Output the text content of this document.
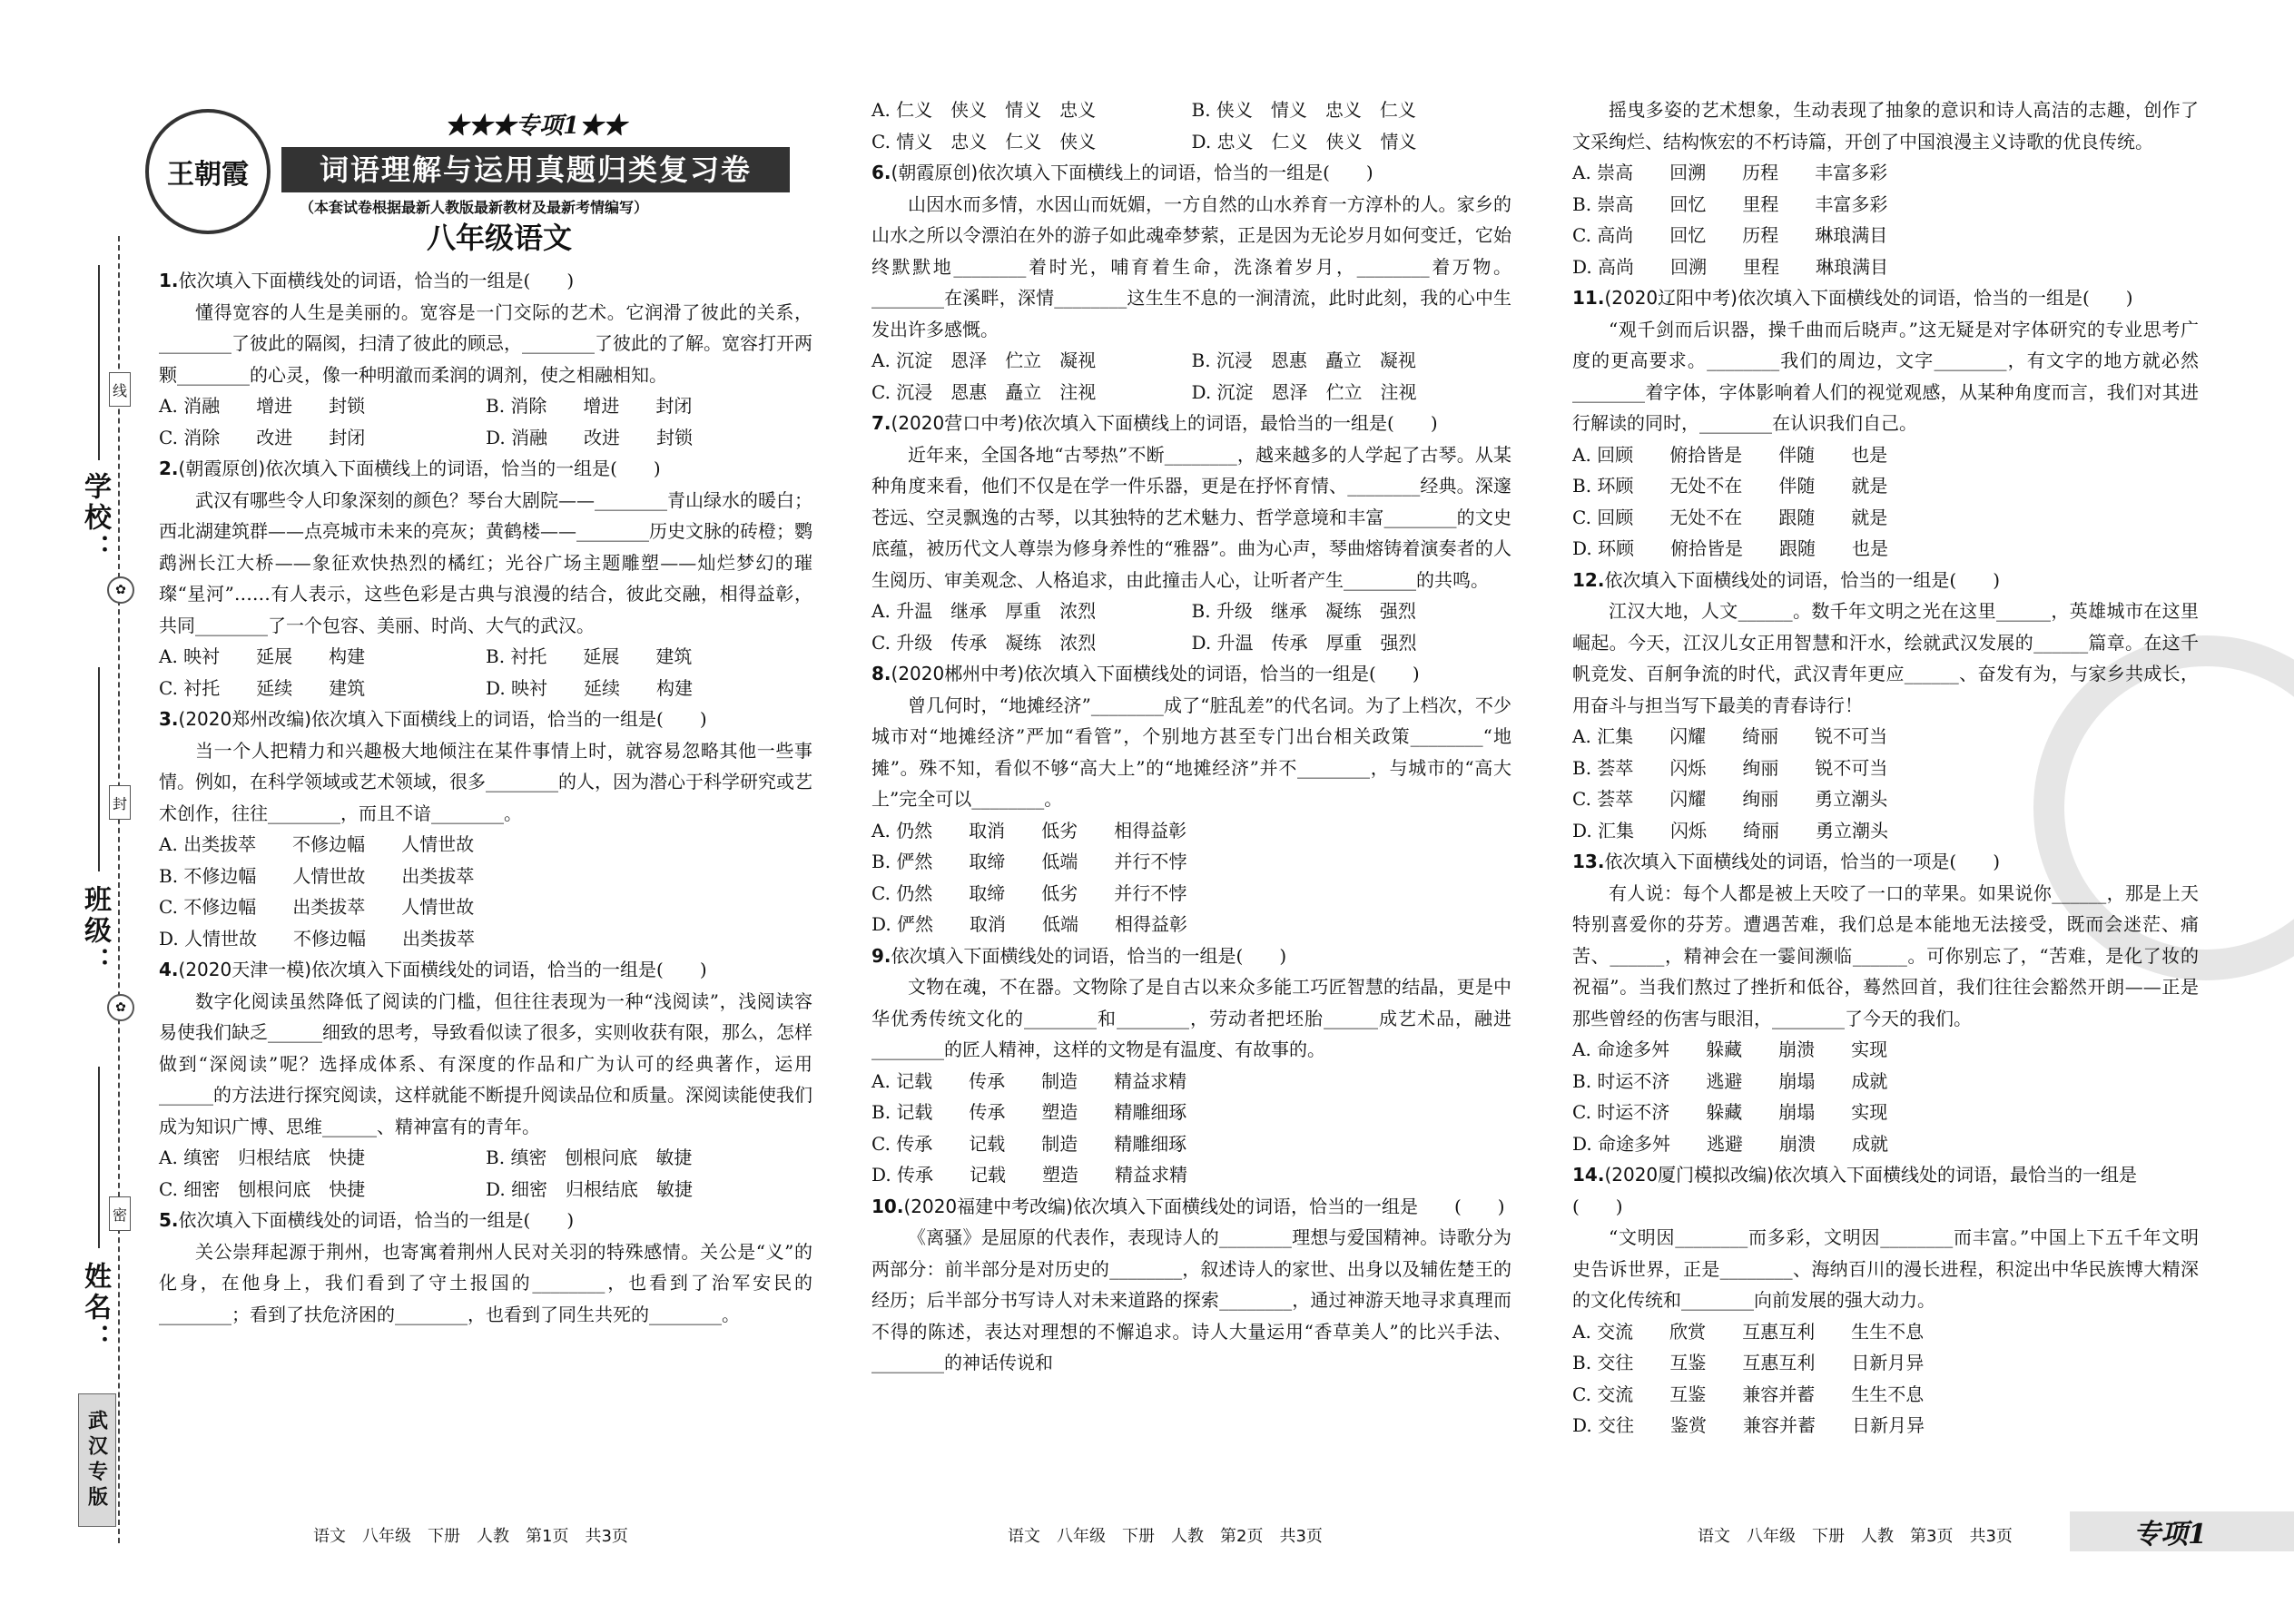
学校：
班级：
姓名：
线
封
密
✿
✿
武汉专版
王朝霞
★★★专项1★★
词语理解与运用真题归类复习卷
（本套试卷根据最新人教版最新教材及最新考情编写）
八年级语文

1.依次填入下面横线处的词语，恰当的一组是(　　)

懂得宽容的人生是美丽的。宽容是一门交际的艺术。它润滑了彼此的关系，________了彼此的隔阂，扫清了彼此的顾忌，________了彼此的了解。宽容打开两颗________的心灵，像一种明澈而柔润的调剂，使之相融相知。

A. 消融　　增进　　封锁	B. 消除　　增进　　封闭
C. 消除　　改进　　封闭	D. 消融　　改进　　封锁

2.(朝霞原创)依次填入下面横线上的词语，恰当的一组是(　　)

武汉有哪些令人印象深刻的颜色？琴台大剧院——________青山绿水的暖白；西北湖建筑群——点亮城市未来的亮灰；黄鹤楼——________历史文脉的砖橙；鹦鹉洲长江大桥——象征欢快热烈的橘红；光谷广场主题雕塑——灿烂梦幻的璀璨“星河”……有人表示，这些色彩是古典与浪漫的结合，彼此交融，相得益彰，共同________了一个包容、美丽、时尚、大气的武汉。

A. 映衬　　延展　　构建	B. 衬托　　延展　　建筑
C. 衬托　　延续　　建筑	D. 映衬　　延续　　构建

3.(2020郑州改编)依次填入下面横线上的词语，恰当的一组是(　　)

当一个人把精力和兴趣极大地倾注在某件事情上时，就容易忽略其他一些事情。例如，在科学领域或艺术领域，很多________的人，因为潜心于科学研究或艺术创作，往往________，而且不谙________。

A. 出类拔萃　　不修边幅　　人情世故
B. 不修边幅　　人情世故　　出类拔萃
C. 不修边幅　　出类拔萃　　人情世故
D. 人情世故　　不修边幅　　出类拔萃

4.(2020天津一模)依次填入下面横线处的词语，恰当的一组是(　　)

数字化阅读虽然降低了阅读的门槛，但往往表现为一种“浅阅读”，浅阅读容易使我们缺乏______细致的思考，导致看似读了很多，实则收获有限，那么，怎样做到“深阅读”呢？选择成体系、有深度的作品和广为认可的经典著作，运用______的方法进行探究阅读，这样就能不断提升阅读品位和质量。深阅读能使我们成为知识广博、思维______、精神富有的青年。

A. 缜密　归根结底　快捷	B. 缜密　刨根问底　敏捷
C. 细密　刨根问底　快捷	D. 细密　归根结底　敏捷

5.依次填入下面横线处的词语，恰当的一组是(　　)

关公崇拜起源于荆州，也寄寓着荆州人民对关羽的特殊感情。关公是“义”的化身，在他身上，我们看到了守土报国的________，也看到了治军安民的________；看到了扶危济困的________，也看到了同生共死的________。

A. 仁义　侠义　情义　忠义	B. 侠义　情义　忠义　仁义
C. 情义　忠义　仁义　侠义	D. 忠义　仁义　侠义　情义

6.(朝霞原创)依次填入下面横线上的词语，恰当的一组是(　　)

山因水而多情，水因山而妩媚，一方自然的山水养育一方淳朴的人。家乡的山水之所以令漂泊在外的游子如此魂牵梦萦，正是因为无论岁月如何变迁，它始终默默地________着时光，哺育着生命，洗涤着岁月，________着万物。________在溪畔，深情________这生生不息的一涧清流，此时此刻，我的心中生发出许多感慨。

A. 沉淀　恩泽　伫立　凝视	B. 沉浸　恩惠　矗立　凝视
C. 沉浸　恩惠　矗立　注视	D. 沉淀　恩泽　伫立　注视

7.(2020营口中考)依次填入下面横线上的词语，最恰当的一组是(　　)

近年来，全国各地“古琴热”不断________，越来越多的人学起了古琴。从某种角度来看，他们不仅是在学一件乐器，更是在抒怀育情、________经典。深邃苍远、空灵飘逸的古琴，以其独特的艺术魅力、哲学意境和丰富________的文史底蕴，被历代文人尊崇为修身养性的“雅器”。曲为心声，琴曲熔铸着演奏者的人生阅历、审美观念、人格追求，由此撞击人心，让听者产生________的共鸣。

A. 升温　继承　厚重　浓烈	B. 升级　继承　凝练　强烈
C. 升级　传承　凝练　浓烈	D. 升温　传承　厚重　强烈

8.(2020郴州中考)依次填入下面横线处的词语，恰当的一组是(　　)

曾几何时，“地摊经济”________成了“脏乱差”的代名词。为了上档次，不少城市对“地摊经济”严加“看管”，个别地方甚至专门出台相关政策________“地摊”。殊不知，看似不够“高大上”的“地摊经济”并不________，与城市的“高大上”完全可以________。

A. 仍然　　取消　　低劣　　相得益彰
B. 俨然　　取缔　　低端　　并行不悖
C. 仍然　　取缔　　低劣　　并行不悖
D. 俨然　　取消　　低端　　相得益彰

9.依次填入下面横线处的词语，恰当的一组是(　　)

文物在魂，不在器。文物除了是自古以来众多能工巧匠智慧的结晶，更是中华优秀传统文化的________和________，劳动者把坯胎______成艺术品，融进________的匠人精神，这样的文物是有温度、有故事的。

A. 记载　　传承　　制造　　精益求精
B. 记载　　传承　　塑造　　精雕细琢
C. 传承　　记载　　制造　　精雕细琢
D. 传承　　记载　　塑造　　精益求精

10.(2020福建中考改编)依次填入下面横线处的词语，恰当的一组是　　(　　)

《离骚》是屈原的代表作，表现诗人的________理想与爱国精神。诗歌分为两部分：前半部分是对历史的________，叙述诗人的家世、出身以及辅佐楚王的经历；后半部分书写诗人对未来道路的探索________，通过神游天地寻求真理而不得的陈述，表达对理想的不懈追求。诗人大量运用“香草美人”的比兴手法、________的神话传说和

摇曳多姿的艺术想象，生动表现了抽象的意识和诗人高洁的志趣，创作了文采绚烂、结构恢宏的不朽诗篇，开创了中国浪漫主义诗歌的优良传统。

A. 崇高　　回溯　　历程　　丰富多彩
B. 崇高　　回忆　　里程　　丰富多彩
C. 高尚　　回忆　　历程　　琳琅满目
D. 高尚　　回溯　　里程　　琳琅满目

11.(2020辽阳中考)依次填入下面横线处的词语，恰当的一组是(　　)

“观千剑而后识器，操千曲而后晓声。”这无疑是对字体研究的专业思考广度的更高要求。________我们的周边，文字________，有文字的地方就必然________着字体，字体影响着人们的视觉观感，从某种角度而言，我们对其进行解读的同时，________在认识我们自己。

A. 回顾　　俯拾皆是　　伴随　　也是
B. 环顾　　无处不在　　伴随　　就是
C. 回顾　　无处不在　　跟随　　就是
D. 环顾　　俯拾皆是　　跟随　　也是

12.依次填入下面横线处的词语，恰当的一组是(　　)

江汉大地，人文______。数千年文明之光在这里______，英雄城市在这里崛起。今天，江汉儿女正用智慧和汗水，绘就武汉发展的______篇章。在这千帆竞发、百舸争流的时代，武汉青年更应______、奋发有为，与家乡共成长，用奋斗与担当写下最美的青春诗行！

A. 汇集　　闪耀　　绮丽　　锐不可当
B. 荟萃　　闪烁　　绚丽　　锐不可当
C. 荟萃　　闪耀　　绚丽　　勇立潮头
D. 汇集　　闪烁　　绮丽　　勇立潮头

13.依次填入下面横线处的词语，恰当的一项是(　　)

有人说：每个人都是被上天咬了一口的苹果。如果说你______，那是上天特别喜爱你的芬芳。遭遇苦难，我们总是本能地无法接受，既而会迷茫、痛苦、______，精神会在一霎间濒临______。可你别忘了，“苦难，是化了妆的祝福”。当我们熬过了挫折和低谷，蓦然回首，我们往往会豁然开朗——正是那些曾经的伤害与眼泪，________了今天的我们。

A. 命途多舛　　躲藏　　崩溃　　实现
B. 时运不济　　逃避　　崩塌　　成就
C. 时运不济　　躲藏　　崩塌　　实现
D. 命途多舛　　逃避　　崩溃　　成就

14.(2020厦门模拟改编)依次填入下面横线处的词语，最恰当的一组是　　　　　　(　　)

“文明因________而多彩，文明因________而丰富。”中国上下五千年文明史告诉世界，正是________、海纳百川的漫长进程，积淀出中华民族博大精深的文化传统和________向前发展的强大动力。

A. 交流　　欣赏　　互惠互利　　生生不息
B. 交往　　互鉴　　互惠互利　　日新月异
C. 交流　　互鉴　　兼容并蓄　　生生不息
D. 交往　　鉴赏　　兼容并蓄　　日新月异
语文　八年级　下册　人教　第1页　共3页	语文　八年级　下册　人教　第2页　共3页	语文　八年级　下册　人教　第3页　共3页	专项1
